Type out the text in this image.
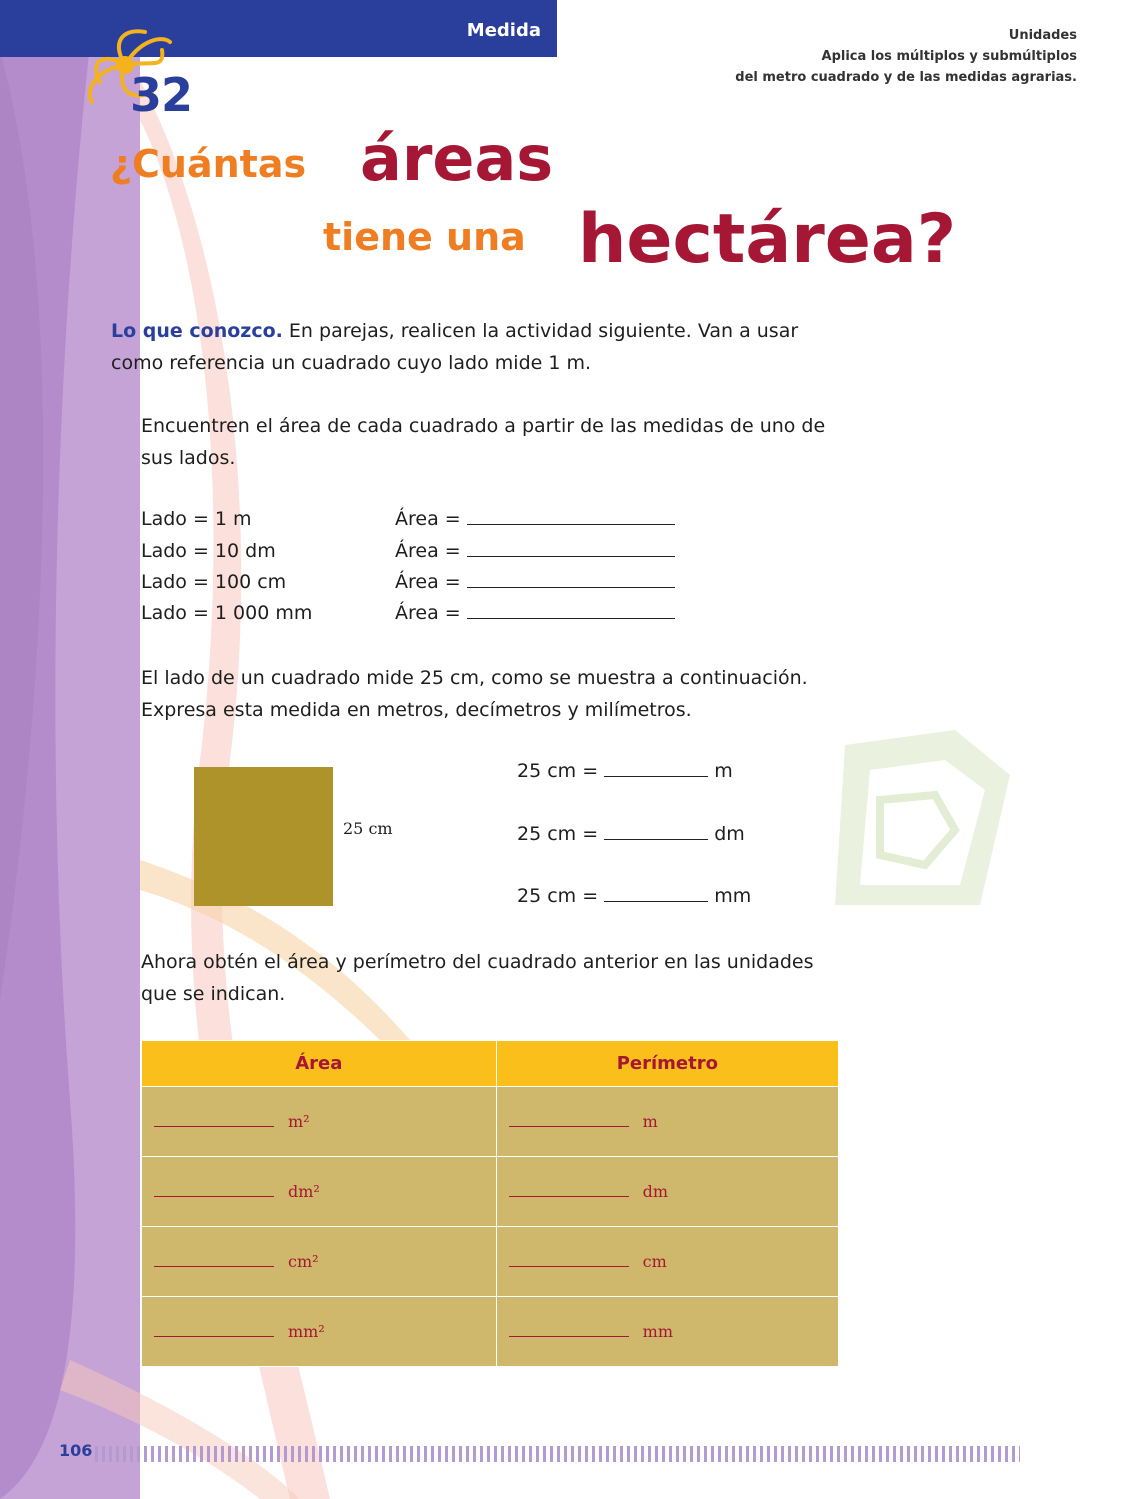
Medida	Unidades
Aplica los múltiplos y submúltiplos
del metro cuadrado y de las medidas agrarias.
32
¿Cuántas áreas
tiene una hectárea?
Lo que conozco. En parejas, realicen la actividad siguiente. Van a usar
como referencia un cuadrado cuyo lado mide 1 m.
Encuentren el área de cada cuadrado a partir de las medidas de uno de
sus lados.
Lado = 1 m	Área =
Lado = 10 dm	Área =
Lado = 100 cm	Área =
Lado = 1 000 mm	Área =
El lado de un cuadrado mide 25 cm, como se muestra a continuación.
Expresa esta medida en metros, decímetros y milímetros.
25 cm
25 cm =	m
25 cm =	dm
25 cm =	mm
Ahora obtén el área y perímetro del cuadrado anterior en las unidades
que se indican.
Área	Perímetro
m²	m
dm²	dm
cm²	cm
mm²	mm
106
